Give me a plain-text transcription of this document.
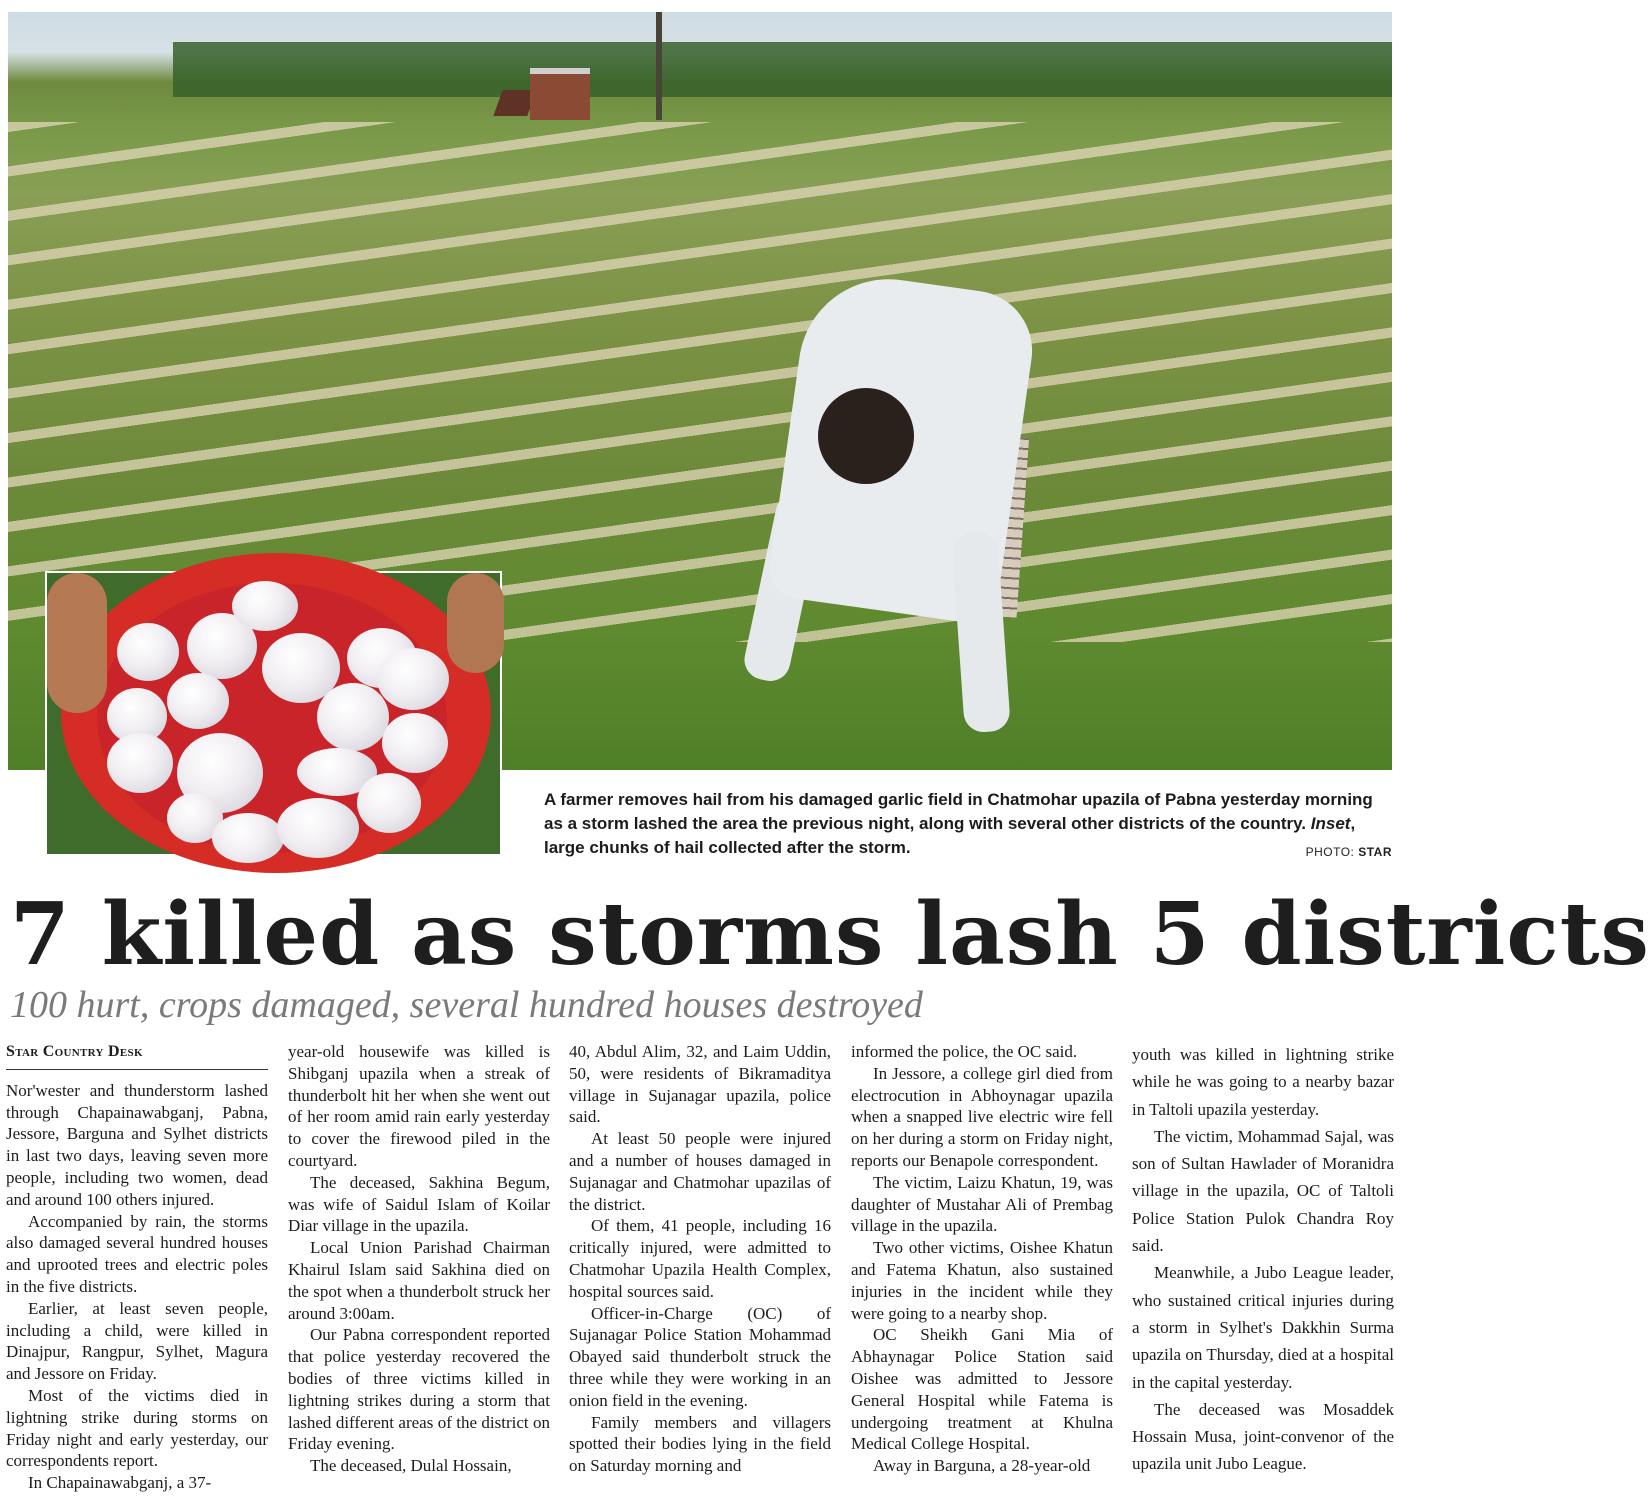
A farmer removes hail from his damaged garlic field in Chatmohar upazila of Pabna yesterday morning as a storm lashed the area the previous night, along with several other districts of the country. Inset, large chunks of hail collected after the storm.	PHOTO: STAR
7 killed as storms lash 5 districts
100 hurt, crops damaged, several hundred houses destroyed
Star Country Desk

Nor'wester and thunderstorm lashed through Chapainawabganj, Pabna, Jessore, Barguna and Sylhet districts in last two days, leaving seven more people, including two women, dead and around 100 others injured.

Accompanied by rain, the storms also damaged several hundred houses and uprooted trees and electric poles in the five districts.

Earlier, at least seven people, including a child, were killed in Dinajpur, Rangpur, Sylhet, Magura and Jessore on Friday.

Most of the victims died in lightning strike during storms on Friday night and early yesterday, our correspondents report.

In Chapainawabganj, a 37-

year-old housewife was killed is Shibganj upazila when a streak of thunderbolt hit her when she went out of her room amid rain early yesterday to cover the firewood piled in the courtyard.

The deceased, Sakhina Begum, was wife of Saidul Islam of Koilar Diar village in the upazila.

Local Union Parishad Chairman Khairul Islam said Sakhina died on the spot when a thunderbolt struck her around 3:00am.

Our Pabna correspondent reported that police yesterday recovered the bodies of three victims killed in lightning strikes during a storm that lashed different areas of the district on Friday evening.

The deceased, Dulal Hossain,

40, Abdul Alim, 32, and Laim Uddin, 50, were residents of Bikramaditya village in Sujanagar upazila, police said.

At least 50 people were injured and a number of houses damaged in Sujanagar and Chatmohar upazilas of the district.

Of them, 41 people, including 16 critically injured, were admitted to Chatmohar Upazila Health Complex, hospital sources said.

Officer-in-Charge (OC) of Sujanagar Police Station Mohammad Obayed said thunderbolt struck the three while they were working in an onion field in the evening.

Family members and villagers spotted their bodies lying in the field on Saturday morning and

informed the police, the OC said.

In Jessore, a college girl died from electrocution in Abhoynagar upazila when a snapped live electric wire fell on her during a storm on Friday night, reports our Benapole correspondent.

The victim, Laizu Khatun, 19, was daughter of Mustahar Ali of Prembag village in the upazila.

Two other victims, Oishee Khatun and Fatema Khatun, also sustained injuries in the incident while they were going to a nearby shop.

OC Sheikh Gani Mia of Abhaynagar Police Station said Oishee was admitted to Jessore General Hospital while Fatema is undergoing treatment at Khulna Medical College Hospital.

Away in Barguna, a 28-year-old

youth was killed in lightning strike while he was going to a nearby bazar in Taltoli upazila yesterday.

The victim, Mohammad Sajal, was son of Sultan Hawlader of Moranidra village in the upazila, OC of Taltoli Police Station Pulok Chandra Roy said.

Meanwhile, a Jubo League leader, who sustained critical injuries during a storm in Sylhet's Dakkhin Surma upazila on Thursday, died at a hospital in the capital yesterday.

The deceased was Mosaddek Hossain Musa, joint-convenor of the upazila unit Jubo League.
